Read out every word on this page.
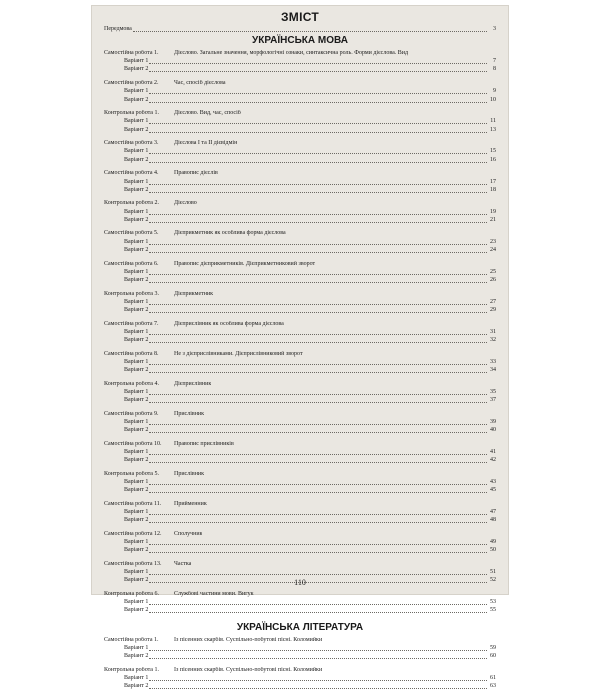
ЗМІСТ
Передмова	3
УКРАЇНСЬКА МОВА
Самостійна робота 1.	Дієслово. Загальне значення, морфологічні ознаки, синтаксична роль. Форми дієслова. Вид
Варіант 1	7
Варіант 2	8
Самостійна робота 2.	Час, спосіб дієслова
Варіант 1	9
Варіант 2	10
Контрольна робота 1.	Дієслово. Вид, час, спосіб
Варіант 1	11
Варіант 2	13
Самостійна робота 3.	Дієслова I та II дієвідмін
Варіант 1	15
Варіант 2	16
Самостійна робота 4.	Правопис дієслів
Варіант 1	17
Варіант 2	18
Контрольна робота 2.	Дієслово
Варіант 1	19
Варіант 2	21
Самостійна робота 5.	Дієприкметник як особлива форма дієслова
Варіант 1	23
Варіант 2	24
Самостійна робота 6.	Правопис дієприкметників. Дієприкметниковий зворот
Варіант 1	25
Варіант 2	26
Контрольна робота 3.	Дієприкметник
Варіант 1	27
Варіант 2	29
Самостійна робота 7.	Дієприслівник як особлива форма дієслова
Варіант 1	31
Варіант 2	32
Самостійна робота 8.	Не з дієприслівниками. Дієприслівниковий зворот
Варіант 1	33
Варіант 2	34
Контрольна робота 4.	Дієприслівник
Варіант 1	35
Варіант 2	37
Самостійна робота 9.	Прислівник
Варіант 1	39
Варіант 2	40
Самостійна робота 10. Правопис прислівників
Варіант 1	41
Варіант 2	42
Контрольна робота 5.	Прислівник
Варіант 1	43
Варіант 2	45
Самостійна робота 11. Прийменник
Варіант 1	47
Варіант 2	48
Самостійна робота 12. Сполучник
Варіант 1	49
Варіант 2	50
Самостійна робота 13. Частка
Варіант 1	51
Варіант 2	52
Контрольна робота 6.	Службові частини мови. Вигук
Варіант 1	53
Варіант 2	55
УКРАЇНСЬКА ЛІТЕРАТУРА
Самостійна робота 1.	Із пісенних скарбів. Суспільно-побутові пісні. Коломийки
Варіант 1	59
Варіант 2	60
Контрольна робота 1.	Із пісенних скарбів. Суспільно-побутові пісні. Коломийки
Варіант 1	61
Варіант 2	63
110
